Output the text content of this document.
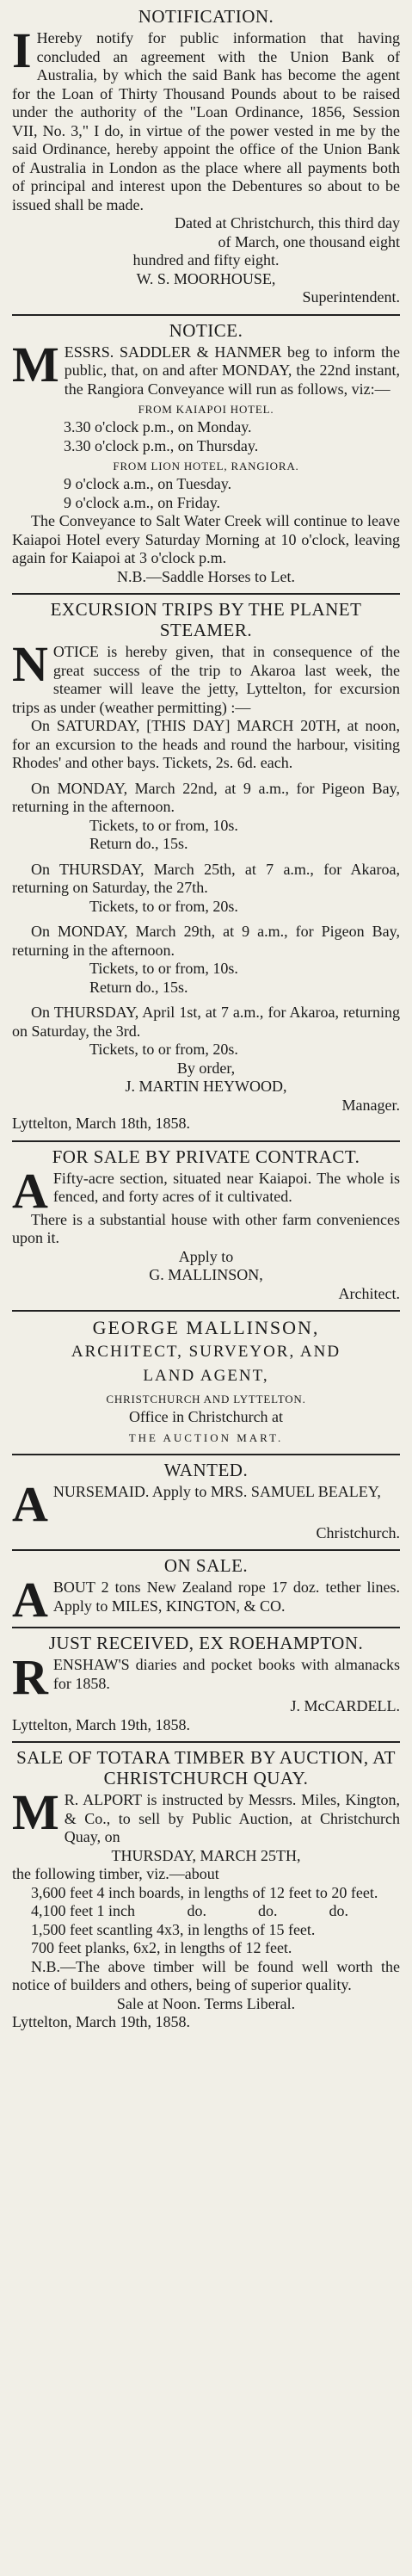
NOTIFICATION.
I Hereby notify for public information that having concluded an agreement with the Union Bank of Australia, by which the said Bank has become the agent for the Loan of Thirty Thousand Pounds about to be raised under the authority of the "Loan Ordinance, 1856, Session VII, No. 3," I do, in virtue of the power vested in me by the said Ordinance, hereby appoint the office of the Union Bank of Australia in London as the place where all payments both of principal and interest upon the Debentures so about to be issued shall be made.

Dated at Christchurch, this third day

of March, one thousand eight

hundred and fifty eight.

W. S. MOORHOUSE,

Superintendent.

NOTICE.
M ESSRS. SADDLER & HANMER beg to inform the public, that, on and after MONDAY, the 22nd instant, the Rangiora Conveyance will run as follows, viz:—

FROM KAIAPOI HOTEL.

3.30 o'clock p.m., on Monday.

3.30 o'clock p.m., on Thursday.

FROM LION HOTEL, RANGIORA.

9 o'clock a.m., on Tuesday.

9 o'clock a.m., on Friday.

The Conveyance to Salt Water Creek will continue to leave Kaiapoi Hotel every Saturday Morning at 10 o'clock, leaving again for Kaiapoi at 3 o'clock p.m.

N.B.—Saddle Horses to Let.

EXCURSION TRIPS BY THE PLANET STEAMER.
N OTICE is hereby given, that in consequence of the great success of the trip to Akaroa last week, the steamer will leave the jetty, Lyttelton, for excursion trips as under (weather permitting) :—

On SATURDAY, [THIS DAY] MARCH 20TH, at noon, for an excursion to the heads and round the harbour, visiting Rhodes' and other bays. Tickets, 2s. 6d. each.

On MONDAY, March 22nd, at 9 a.m., for Pigeon Bay, returning in the afternoon.

Tickets, to or from, 10s.

Return do., 15s.

On THURSDAY, March 25th, at 7 a.m., for Akaroa, returning on Saturday, the 27th.

Tickets, to or from, 20s.

On MONDAY, March 29th, at 9 a.m., for Pigeon Bay, returning in the afternoon.

Tickets, to or from, 10s.

Return do., 15s.

On THURSDAY, April 1st, at 7 a.m., for Akaroa, returning on Saturday, the 3rd.

Tickets, to or from, 20s.

By order,

J. MARTIN HEYWOOD,

Manager.

Lyttelton, March 18th, 1858.

FOR SALE BY PRIVATE CONTRACT.
A Fifty-acre section, situated near Kaiapoi. The whole is fenced, and forty acres of it cultivated.

There is a substantial house with other farm conveniences upon it.

Apply to

G. MALLINSON,

Architect.

GEORGE MALLINSON,
ARCHITECT, SURVEYOR, AND
LAND AGENT,
CHRISTCHURCH AND LYTTELTON.

Office in Christchurch at

THE AUCTION MART.
WANTED.
A NURSEMAID. Apply to MRS. SAMUEL BEALEY,

Christchurch.

ON SALE.
A BOUT 2 tons New Zealand rope 17 doz. tether lines. Apply to MILES, KINGTON, & CO.

JUST RECEIVED, EX ROEHAMPTON.
R ENSHAW'S diaries and pocket books with almanacks for 1858.

J. McCARDELL.

Lyttelton, March 19th, 1858.

SALE OF TOTARA TIMBER BY AUCTION, AT CHRISTCHURCH QUAY.
M R. ALPORT is instructed by Messrs. Miles, Kington, & Co., to sell by Public Auction, at Christchurch Quay, on

THURSDAY, MARCH 25TH,

the following timber, viz.—about

3,600 feet 4 inch boards, in lengths of 12 feet to 20 feet.

4,100 feet 1 inch	do.	do.	do.

1,500 feet scantling 4x3, in lengths of 15 feet.

700 feet planks, 6x2, in lengths of 12 feet.

N.B.—The above timber will be found well worth the notice of builders and others, being of superior quality.

Sale at Noon. Terms Liberal.

Lyttelton, March 19th, 1858.
